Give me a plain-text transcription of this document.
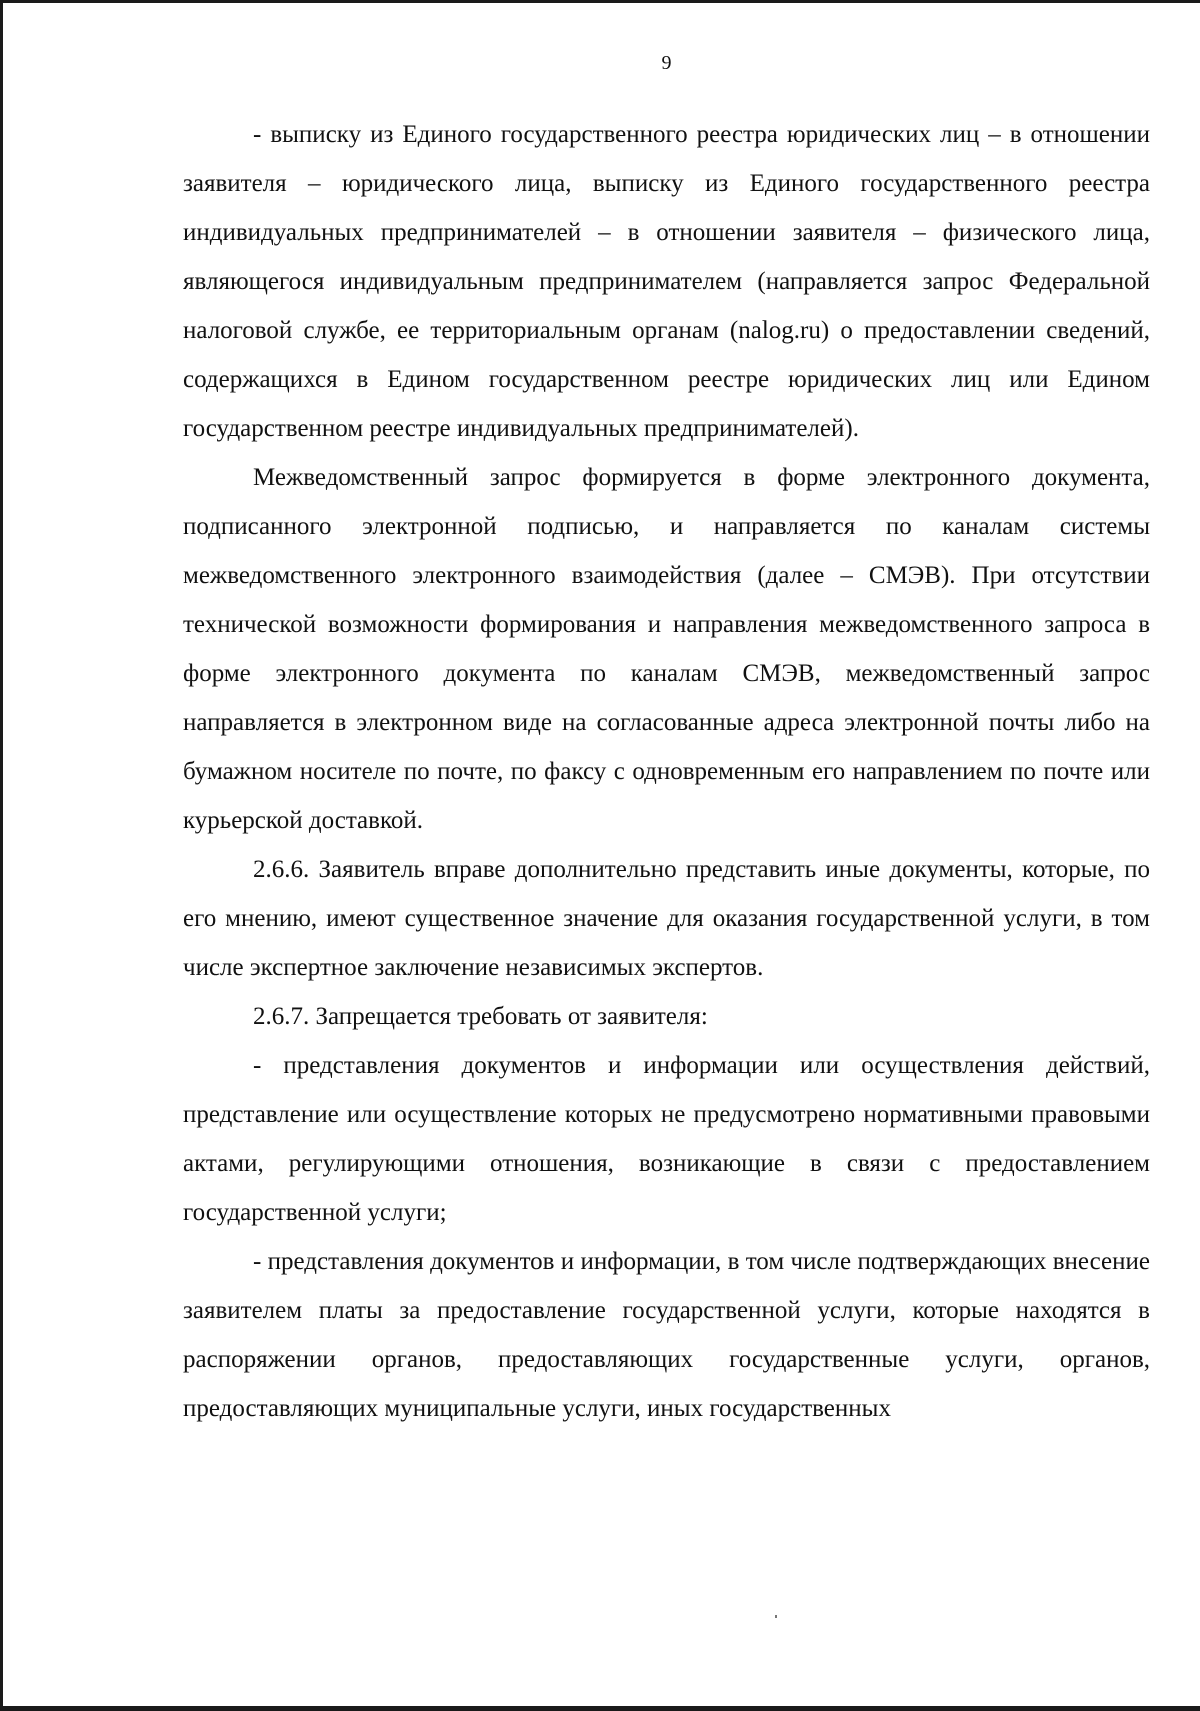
9

- выписку из Единого государственного реестра юридических лиц – в отношении заявителя – юридического лица, выписку из Единого государственного реестра индивидуальных предпринимателей – в отношении заявителя – физического лица, являющегося индивидуальным предпринимателем (направляется запрос Федеральной налоговой службе, ее территориальным органам (nalog.ru) о предоставлении сведений, содержащихся в Едином государственном реестре юридических лиц или Едином государственном реестре индивидуальных предпринимателей).

Межведомственный запрос формируется в форме электронного документа, подписанного электронной подписью, и направляется по каналам системы межведомственного электронного взаимодействия (далее – СМЭВ). При отсутствии технической возможности формирования и направления межведомственного запроса в форме электронного документа по каналам СМЭВ, межведомственный запрос направляется в электронном виде на согласованные адреса электронной почты либо на бумажном носителе по почте, по факсу с одновременным его направлением по почте или курьерской доставкой.

2.6.6. Заявитель вправе дополнительно представить иные документы, которые, по его мнению, имеют существенное значение для оказания государственной услуги, в том числе экспертное заключение независимых экспертов.

2.6.7. Запрещается требовать от заявителя:

- представления документов и информации или осуществления действий, представление или осуществление которых не предусмотрено нормативными правовыми актами, регулирующими отношения, возникающие в связи с предоставлением государственной услуги;

- представления документов и информации, в том числе подтверждающих внесение заявителем платы за предоставление государственной услуги, которые находятся в распоряжении органов, предоставляющих государственные услуги, органов, предоставляющих муниципальные услуги, иных государственных
